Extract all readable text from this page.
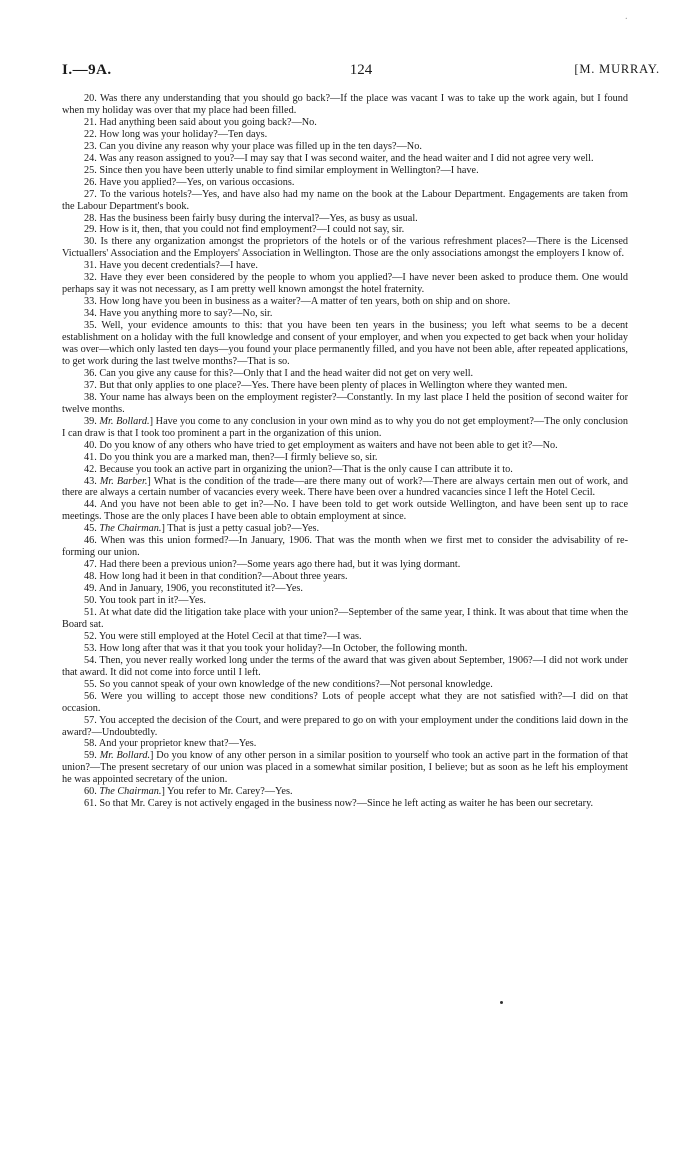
·
I.—9A.	124	[M. MURRAY.

20. Was there any understanding that you should go back?—If the place was vacant I was to take up the work again, but I found when my holiday was over that my place had been filled.

21. Had anything been said about you going back?—No.

22. How long was your holiday?—Ten days.

23. Can you divine any reason why your place was filled up in the ten days?—No.

24. Was any reason assigned to you?—I may say that I was second waiter, and the head waiter and I did not agree very well.

25. Since then you have been utterly unable to find similar employment in Wellington?—I have.

26. Have you applied?—Yes, on various occasions.

27. To the various hotels?—Yes, and have also had my name on the book at the Labour Department. Engagements are taken from the Labour Department's book.

28. Has the business been fairly busy during the interval?—Yes, as busy as usual.

29. How is it, then, that you could not find employment?—I could not say, sir.

30. Is there any organization amongst the proprietors of the hotels or of the various refreshment places?—There is the Licensed Victuallers' Association and the Employers' Association in Wellington. Those are the only associations amongst the employers I know of.

31. Have you decent credentials?—I have.

32. Have they ever been considered by the people to whom you applied?—I have never been asked to produce them. One would perhaps say it was not necessary, as I am pretty well known amongst the hotel fraternity.

33. How long have you been in business as a waiter?—A matter of ten years, both on ship and on shore.

34. Have you anything more to say?—No, sir.

35. Well, your evidence amounts to this: that you have been ten years in the business; you left what seems to be a decent establishment on a holiday with the full knowledge and consent of your employer, and when you expected to get back when your holiday was over—which only lasted ten days—you found your place permanently filled, and you have not been able, after repeated applications, to get work during the last twelve months?—That is so.

36. Can you give any cause for this?—Only that I and the head waiter did not get on very well.

37. But that only applies to one place?—Yes. There have been plenty of places in Wellington where they wanted men.

38. Your name has always been on the employment register?—Constantly. In my last place I held the position of second waiter for twelve months.

39. Mr. Bollard.] Have you come to any conclusion in your own mind as to why you do not get employment?—The only conclusion I can draw is that I took too prominent a part in the organization of this union.

40. Do you know of any others who have tried to get employment as waiters and have not been able to get it?—No.

41. Do you think you are a marked man, then?—I firmly believe so, sir.

42. Because you took an active part in organizing the union?—That is the only cause I can attribute it to.

43. Mr. Barber.] What is the condition of the trade—are there many out of work?—There are always certain men out of work, and there are always a certain number of vacancies every week. There have been over a hundred vacancies since I left the Hotel Cecil.

44. And you have not been able to get in?—No. I have been told to get work outside Wellington, and have been sent up to race meetings. Those are the only places I have been able to obtain employment at since.

45. The Chairman.] That is just a petty casual job?—Yes.

46. When was this union formed?—In January, 1906. That was the month when we first met to consider the advisability of re-forming our union.

47. Had there been a previous union?—Some years ago there had, but it was lying dormant.

48. How long had it been in that condition?—About three years.

49. And in January, 1906, you reconstituted it?—Yes.

50. You took part in it?—Yes.

51. At what date did the litigation take place with your union?—September of the same year, I think. It was about that time when the Board sat.

52. You were still employed at the Hotel Cecil at that time?—I was.

53. How long after that was it that you took your holiday?—In October, the following month.

54. Then, you never really worked long under the terms of the award that was given about September, 1906?—I did not work under that award. It did not come into force until I left.

55. So you cannot speak of your own knowledge of the new conditions?—Not personal knowledge.

56. Were you willing to accept those new conditions? Lots of people accept what they are not satisfied with?—I did on that occasion.

57. You accepted the decision of the Court, and were prepared to go on with your employment under the conditions laid down in the award?—Undoubtedly.

58. And your proprietor knew that?—Yes.

59. Mr. Bollard.] Do you know of any other person in a similar position to yourself who took an active part in the formation of that union?—The present secretary of our union was placed in a somewhat similar position, I believe; but as soon as he left his employment he was appointed secretary of the union.

60. The Chairman.] You refer to Mr. Carey?—Yes.

61. So that Mr. Carey is not actively engaged in the business now?—Since he left acting as waiter he has been our secretary.
